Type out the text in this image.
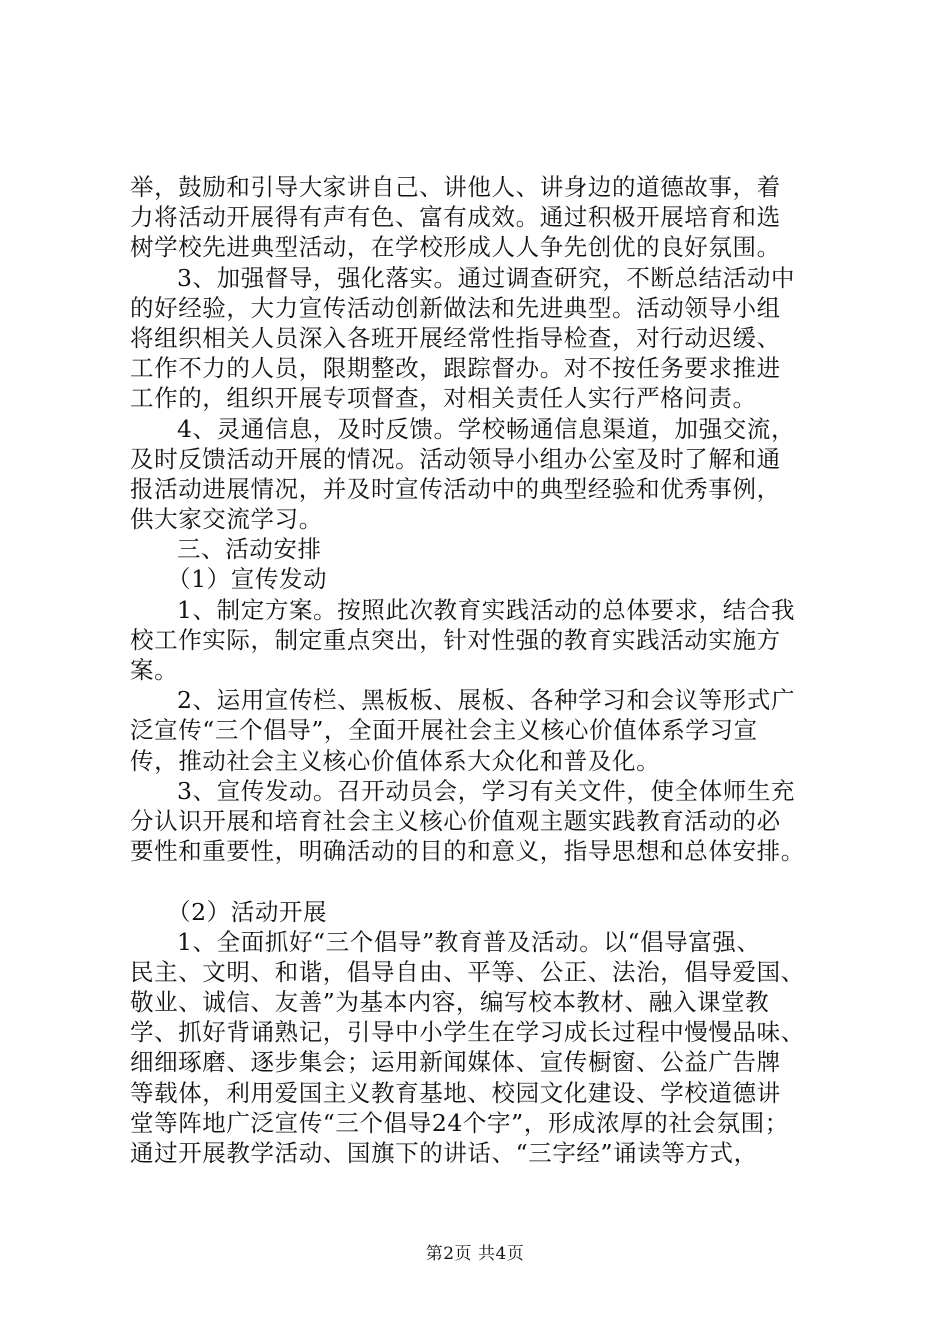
举，鼓励和引导大家讲自己、讲他人、讲身边的道德故事，着
力将活动开展得有声有色、富有成效。通过积极开展培育和选
树学校先进典型活动，在学校形成人人争先创优的良好氛围。
3、加强督导，强化落实。通过调查研究，不断总结活动中
的好经验，大力宣传活动创新做法和先进典型。活动领导小组
将组织相关人员深入各班开展经常性指导检查，对行动迟缓、
工作不力的人员，限期整改，跟踪督办。对不按任务要求推进
工作的，组织开展专项督查，对相关责任人实行严格问责。
4、灵通信息，及时反馈。学校畅通信息渠道，加强交流，
及时反馈活动开展的情况。活动领导小组办公室及时了解和通
报活动进展情况，并及时宣传活动中的典型经验和优秀事例，
供大家交流学习。
三、活动安排
（1）宣传发动
1、制定方案。按照此次教育实践活动的总体要求，结合我
校工作实际，制定重点突出，针对性强的教育实践活动实施方
案。
2、运用宣传栏、黑板板、展板、各种学习和会议等形式广
泛宣传“三个倡导”，全面开展社会主义核心价值体系学习宣
传，推动社会主义核心价值体系大众化和普及化。
3、宣传发动。召开动员会，学习有关文件，使全体师生充
分认识开展和培育社会主义核心价值观主题实践教育活动的必
要性和重要性，明确活动的目的和意义，指导思想和总体安排。
（2）活动开展
1、全面抓好“三个倡导”教育普及活动。以“倡导富强、
民主、文明、和谐，倡导自由、平等、公正、法治，倡导爱国、
敬业、诚信、友善”为基本内容，编写校本教材、融入课堂教
学、抓好背诵熟记，引导中小学生在学习成长过程中慢慢品味、
细细琢磨、逐步集会；运用新闻媒体、宣传橱窗、公益广告牌
等载体，利用爱国主义教育基地、校园文化建设、学校道德讲
堂等阵地广泛宣传“三个倡导24个字”，形成浓厚的社会氛围；
通过开展教学活动、国旗下的讲话、“三字经”诵读等方式，
第2页 共4页
